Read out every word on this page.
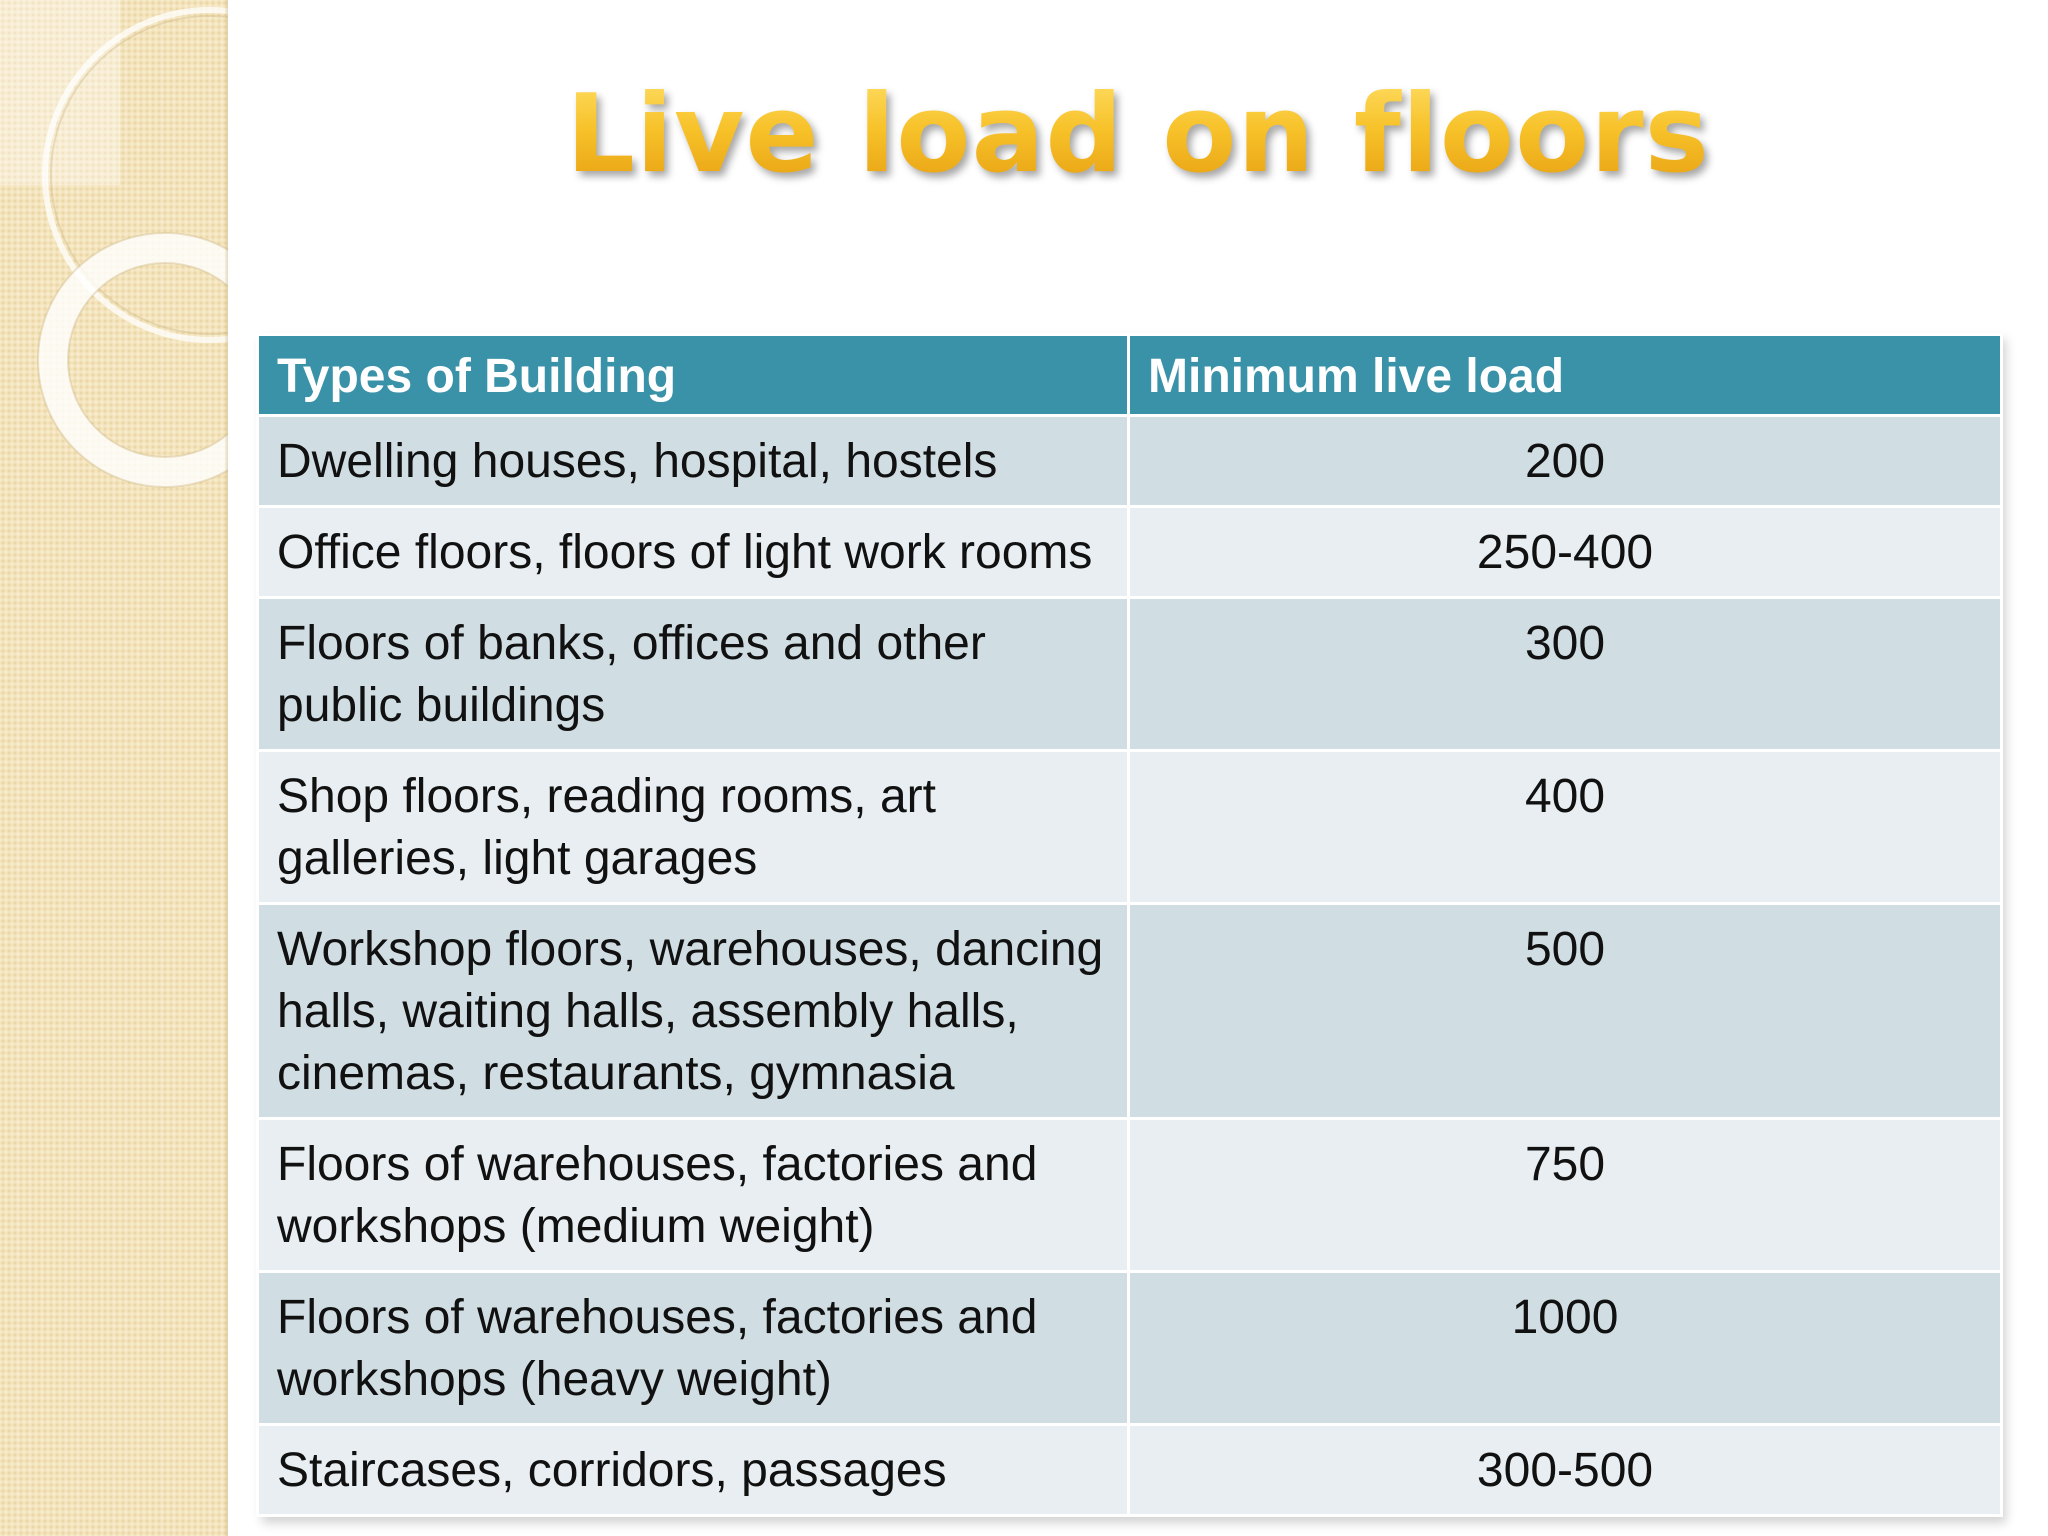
Live load on floors
Types of Building	Minimum live load
Dwelling houses, hospital, hostels	200
Office floors, floors of light work rooms	250-400
Floors of banks, offices and other public buildings	300
Shop floors, reading rooms, art galleries, light garages	400
Workshop floors, warehouses, dancing halls, waiting halls, assembly halls, cinemas, restaurants, gymnasia	500
Floors of warehouses, factories and workshops (medium weight)	750
Floors of warehouses, factories and workshops (heavy weight)	1000
Staircases, corridors, passages	300-500
